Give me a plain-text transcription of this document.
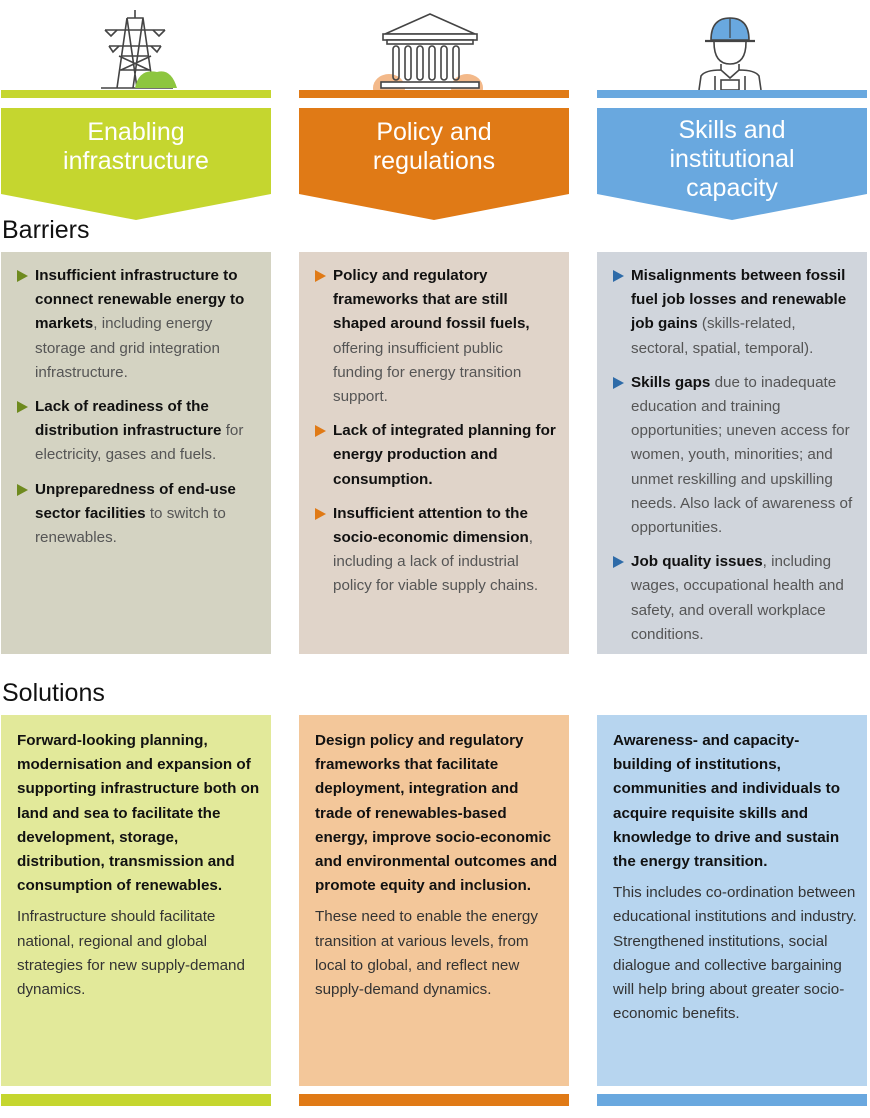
Barriers
Solutions
Enabling
infrastructure
Insufficient infrastructure to connect renewable energy to markets, including energy storage and grid integration infrastructure.
Lack of readiness of the distribution infrastructure for electricity, gases and fuels.
Unpreparedness of end-use sector facilities to switch to renewables.
Forward-looking planning, modernisation and expansion of supporting infrastructure both on land and sea to facilitate the development, storage, distribution, transmission and consumption of renewables.
Infrastructure should facilitate national, regional and global strategies for new supply-demand dynamics.
Policy and
regulations
Policy and regulatory frameworks that are still shaped around fossil fuels, offering insufficient public funding for energy transition support.
Lack of integrated planning for energy production and consumption.
Insufficient attention to the socio-economic dimension, including a lack of industrial policy for viable supply chains.
Design policy and regulatory frameworks that facilitate deployment, integration and trade of renewables-based energy, improve socio-economic and environmental outcomes and promote equity and inclusion.
These need to enable the energy transition at various levels, from local to global, and reflect new supply-demand dynamics.
Skills and
institutional
capacity
Misalignments between fossil fuel job losses and renewable job gains (skills-related, sectoral, spatial, temporal).
Skills gaps due to inadequate education and training opportunities; uneven access for women, youth, minorities; and unmet reskilling and upskilling needs. Also lack of awareness of opportunities.
Job quality issues, including wages, occupational health and safety, and overall workplace conditions.
Awareness- and capacity-building of institutions, communities and individuals to acquire requisite skills and knowledge to drive and sustain the energy transition.
This includes co-ordination between educational institutions and industry. Strengthened institutions, social dialogue and collective bargaining will help bring about greater socio-economic benefits.
